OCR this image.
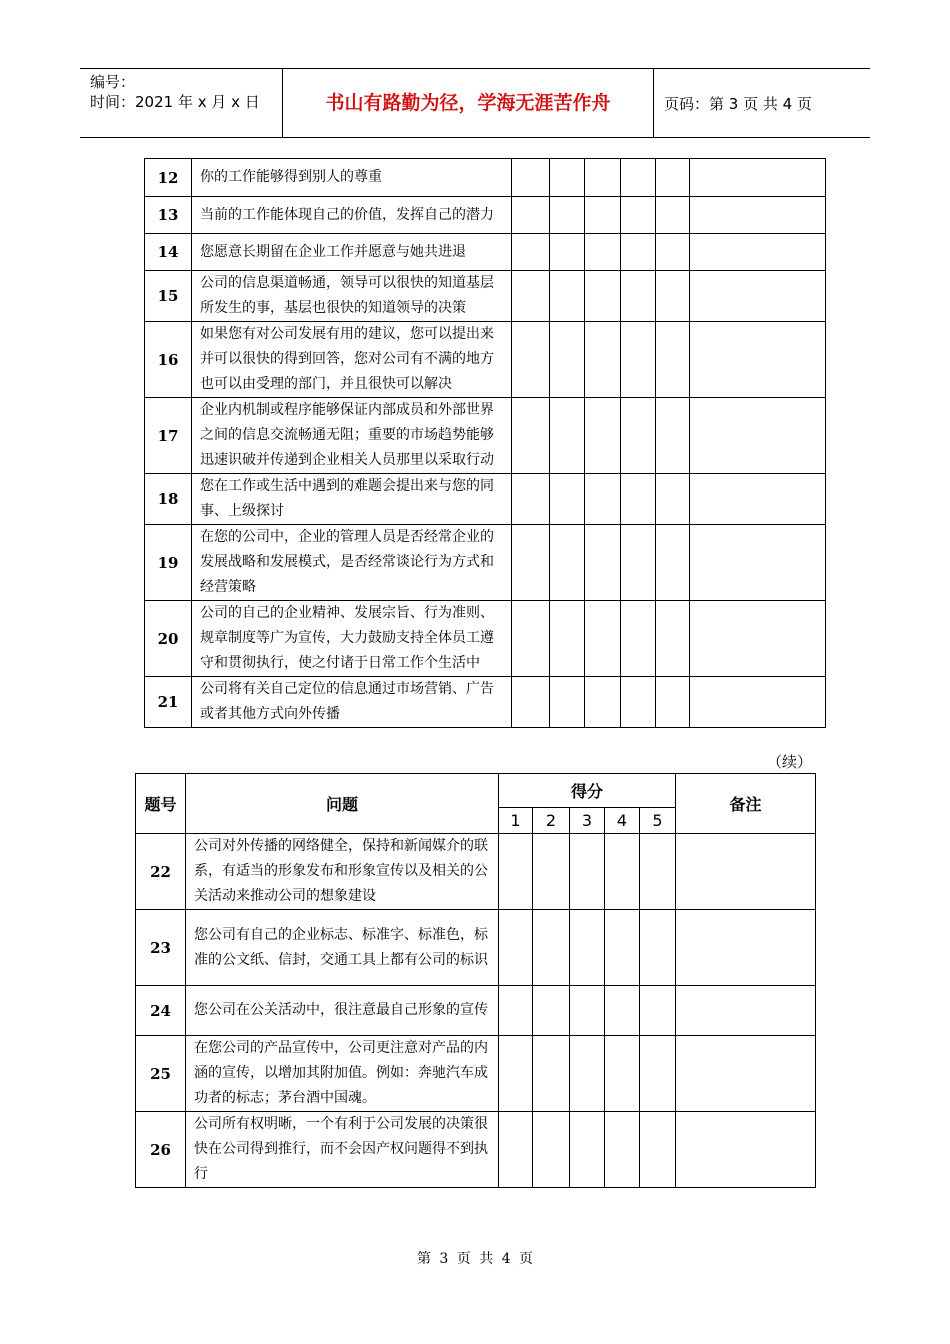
编号：
时间：2021 年 x 月 x 日	书山有路勤为径，学海无涯苦作舟	页码：第 3 页 共 4 页
12	你的工作能够得到别人的尊重						
13	当前的工作能体现自己的价值，发挥自己的潜力						
14	您愿意长期留在企业工作并愿意与她共进退						
15	公司的信息渠道畅通，领导可以很快的知道基层所发生的事，基层也很快的知道领导的决策						
16	如果您有对公司发展有用的建议，您可以提出来并可以很快的得到回答，您对公司有不满的地方也可以由受理的部门，并且很快可以解决						
17	企业内机制或程序能够保证内部成员和外部世界之间的信息交流畅通无阻；重要的市场趋势能够迅速识破并传递到企业相关人员那里以采取行动						
18	您在工作或生活中遇到的难题会提出来与您的同事、上级探讨						
19	在您的公司中，企业的管理人员是否经常企业的发展战略和发展模式，是否经常谈论行为方式和经营策略						
20	公司的自己的企业精神、发展宗旨、行为准则、规章制度等广为宣传，大力鼓励支持全体员工遵守和贯彻执行，使之付诸于日常工作个生活中						
21	公司将有关自己定位的信息通过市场营销、广告或者其他方式向外传播						
（续）
题号	问题	得分					备注
		1	2	3	4	5	
22	公司对外传播的网络健全，保持和新闻媒介的联系，有适当的形象发布和形象宣传以及相关的公关活动来推动公司的想象建设						
23	您公司有自己的企业标志、标准字、标准色，标准的公文纸、信封，交通工具上都有公司的标识						
24	您公司在公关活动中，很注意最自己形象的宣传						
25	在您公司的产品宣传中，公司更注意对产品的内涵的宣传，以增加其附加值。例如：奔驰汽车成功者的标志；茅台酒中国魂。						
26	公司所有权明晰，一个有利于公司发展的决策很快在公司得到推行，而不会因产权问题得不到执行						
第 3 页 共 4 页
